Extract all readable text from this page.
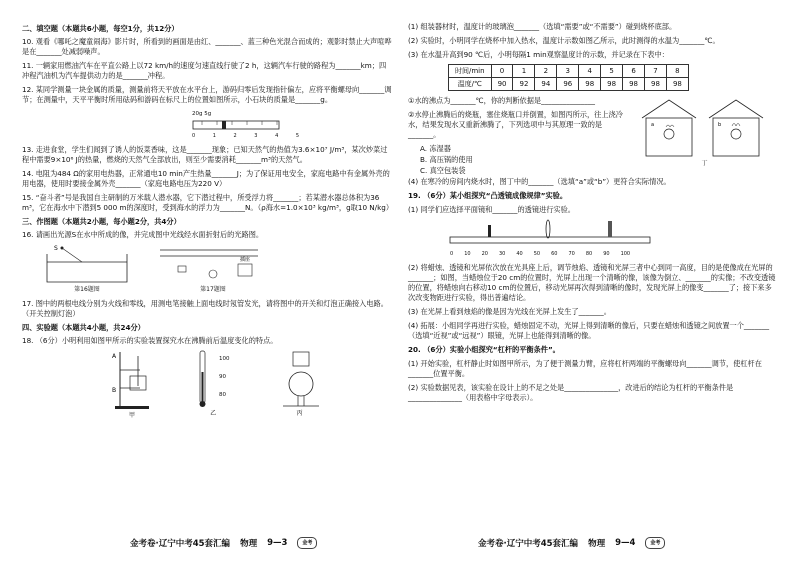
二、填空题（本题共6小题，每空1分，共12分）
10. 观看《哪吒之魔童闹海》影片时，所看到的画面是由红、_______、蓝三种色光混合而成的；观影时禁止大声喧哗是在_______处减弱噪声。
11. 一辆家用燃油汽车在平直公路上以72 km/h的速度匀速直线行驶了2 h，这辆汽车行驶的路程为_______km；四冲程汽油机为汽车提供动力的是_______冲程。
12. 某同学测量一块金属的质量，测量前将天平放在水平台上，游码归零后发现指针偏左，应将平衡螺母向_______调节；在测量中，天平平衡时所用砝码和游码在标尺上的位置如图所示，小石块的质量是_______g。
20g 5g
0 1 2 3 4 5
13. 走进食堂，学生们闻到了诱人的饭菜香味，这是_______现象；已知天然气的热值为3.6×10⁷ J/m³，某次炒菜过程中需要9×10⁶ J的热量，燃烧的天然气全部放出，则至少需要消耗_______m³的天然气。
14. 电阻为484 Ω的家用电热器，正常通电10 min产生热量_______J；为了保证用电安全，家庭电路中有金属外壳的用电器，使用时要接金属外壳_______（家庭电路电压为220 V）
15. “奋斗者”号是我国自主研制的万米载人潜水器，它下潜过程中，所受浮力将_______；若某潜水器总体积为36 m³，它在海水中下潜到5 000 m的深度时，受到海水的浮力为_______N。（ρ海水=1.0×10³ kg/m³，g取10 N/kg）
三、作图题（本题共2小题，每小题2分，共4分）
16. 请画出光源S在水中所成的像，并完成图中光线经水面折射后的光路图。
S
第16题图
插座
第17题图
17. 图中的两根电线分别为火线和零线，用测电笔接触上面电线时氖管发光，请将图中的开关和灯泡正确接入电路。（开关控制灯泡）
四、实验题（本题共4小题，共24分）
18. （6分）小明利用如图甲所示的实验装置探究水在沸腾前后温度变化的特点。
A
B
甲
100
90
80
乙	丙
(1) 组装器材时，温度计的玻璃泡_______（选填“需要”或“不需要”）碰到烧杯底部。
(2) 实验时，小明同学在烧杯中加入热水，温度计示数如图乙所示，此时测得的水温为_______℃。
(3) 在水温升高到90 ℃后，小明每隔1 min观察温度计的示数，并记录在下表中：
时间/min	0	1	2	3	4	5	6	7	8
温度/℃	90	92	94	96	98	98	98	98	98
①水的沸点为_______℃，你的判断依据是_______________
②水停止沸腾后的烧瓶，塞住烧瓶口并倒置，如图丙所示，往上浇冷水，结果发现水又重新沸腾了，下列选项中与其原理一致的是_______。
A. 冻湿器
B. 高压锅的使用
C. 真空包装袋
a	b
丁
(4) 在寒冷的房间内烧水时，图丁中的_______（选填“a”或“b”）更符合实际情况。
19. （6分）某小组探究“凸透镜成像规律”实验。
(1) 同学们应选择平面镜和_______的透镜进行实验。
0 10 20 30 40 50 60 70 80 90 100
(2) 将蜡烛、透镜和光屏依次放在光具座上后，调节烛焰、透镜和光屏三者中心到同一高度，目的是使像成在光屏的_______；如图，当蜡烛位于20 cm的位置时，光屏上出现一个清晰的像，该像为倒立、_______的实像；不改变透镜的位置，将蜡烛向右移动10 cm的位置后，移动光屏再次得到清晰的像时，发现光屏上的像变_______了；接下来多次改变物距进行实验，得出普遍结论。
(3) 在光屏上看到烛焰的像是因为光线在光屏上发生了_______。
(4) 拓展：小组同学再进行实验，蜡烛固定不动，光屏上得到清晰的像后，只要在蜡烛和透镜之间放置一个_______（选填“近视”或“远视”）眼镜，光屏上也能得到清晰的像。
20. （6分）实验小组探究“杠杆的平衡条件”。
(1) 开始实验，杠杆静止时如图甲所示，为了便于测量力臂，应将杠杆两端的平衡螺母向_______调节，使杠杆在_______位置平衡。
(2) 实验数据见表，该实验在设计上的不足之处是_______________，改进后的结论为杠杆的平衡条件是_______________（用表格中字母表示）。
金考卷·辽宁中考45套汇编 物理 9—3	金考	金考卷·辽宁中考45套汇编 物理 9—4	金考
